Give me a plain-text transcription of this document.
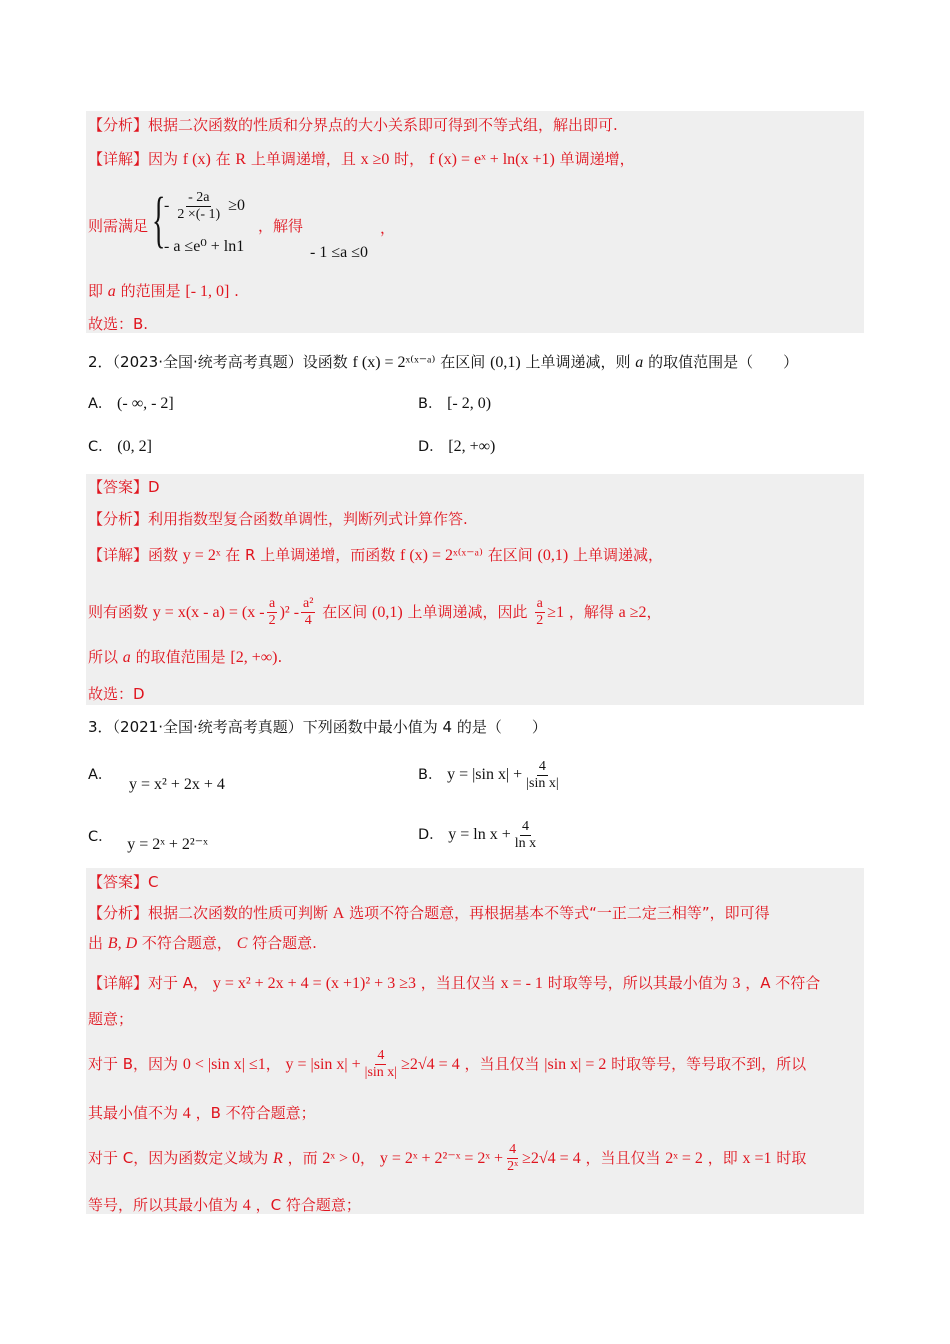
【分析】根据二次函数的性质和分界点的大小关系即可得到不等式组，解出即可.
【详解】因为 f (x) 在 R 上单调递增，且 x ≥0 时， f (x) = eˣ + ln(x +1) 单调递增，
则需满足 {
- $\frac{- 2a}{2 \times(- 1)} \ge 0$
- a ≤e⁰ + ln1
，解得
- 1 ≤a ≤0
，
即 a 的范围是 [- 1, 0] .
故选：B.
2．（2023·全国·统考高考真题）设函数 f (x) = 2ˣ⁽ˣ⁻ᵃ⁾ 在区间 (0,1) 上单调递减，则 a 的取值范围是（　　）
A． (- ∞, - 2]	B． [- 2, 0)
C． (0, 2]	D． [2, +∞)
【答案】D
【分析】利用指数型复合函数单调性，判断列式计算作答.
【详解】函数 y = 2ˣ 在 R 上单调递增，而函数 f (x) = 2ˣ⁽ˣ⁻ᵃ⁾ 在区间 (0,1) 上单调递减，
则有函数 $y = x(x - a) = (x - \frac{a}{2} )^2 - \frac{\text{a²}}{4}$ 在区间 (0,1) 上单调递减，因此 $\frac{a}{2} \ge 1$ ，解得 a ≥2，
所以 a 的取值范围是 [2, +∞).
故选：D
3．（2021·全国·统考高考真题）下列函数中最小值为 4 的是（　　）
A． y = x² + 2x + 4
B． y = |sin $x| + \frac{4}{\text{|sin x|}}$
C． y = 2ˣ + 2²⁻ˣ
D． $y = \ln x + \frac{4}{\text{ln x}}$
【答案】C
【分析】根据二次函数的性质可判断 A 选项不符合题意，再根据基本不等式“一正二定三相等”，即可得
出 B, D 不符合题意， C 符合题意.
【详解】对于 A， y = x² + 2x + 4 = (x +1)² + 3 ≥3 ，当且仅当 x = - 1 时取等号，所以其最小值为 3 ，A 不符合
题意；
对于 B，因为 0 < |sin x| ≤1， y = |sin $x| + \frac{4}{\text{|sin x|}} \ge 2√4 = 4$ ，当且仅当 |sin x| = 2 时取等号，等号取不到，所以
其最小值不为 4 ，B 不符合题意；
对于 C，因为函数定义域为 R ，而 2ˣ > 0， y = 2ˣ + 2²⁻ˣ = 2ˣ + $\frac{4}{\text{2ˣ}} \ge 2√4 = 4$ ，当且仅当 2ˣ = 2 ，即 x =1 时取
等号，所以其最小值为 4 ，C 符合题意；
